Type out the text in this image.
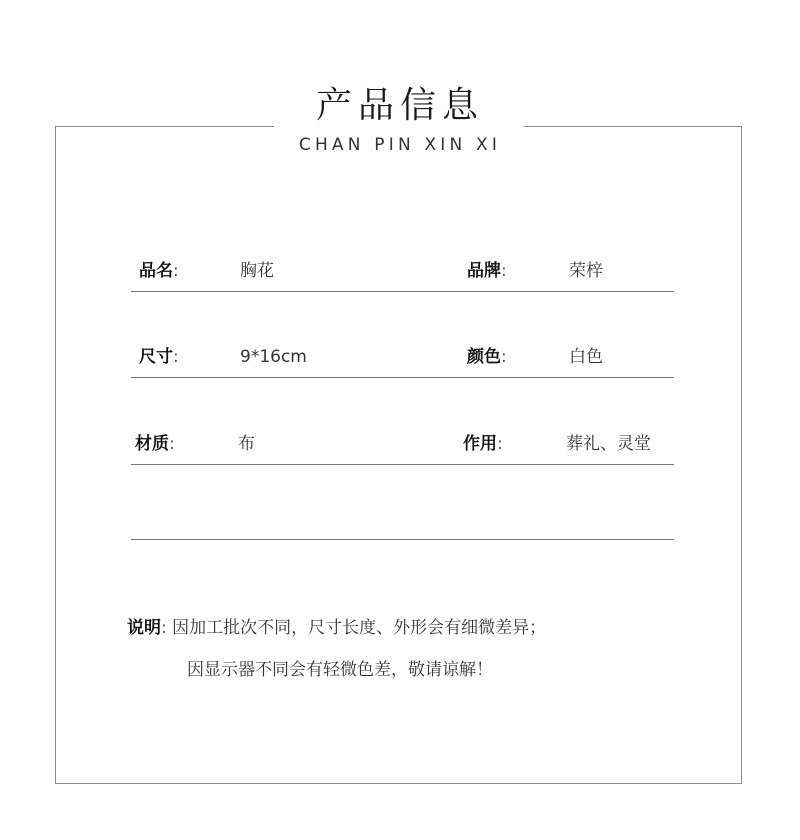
产品信息
CHAN PIN XIN XI
品名:	胸花	品牌:	荣梓
尺寸:	9*16cm	颜色:	白色
材质:	布	作用:	葬礼、灵堂
说明: 因加工批次不同，尺寸长度、外形会有细微差异；
因显示器不同会有轻微色差，敬请谅解！
